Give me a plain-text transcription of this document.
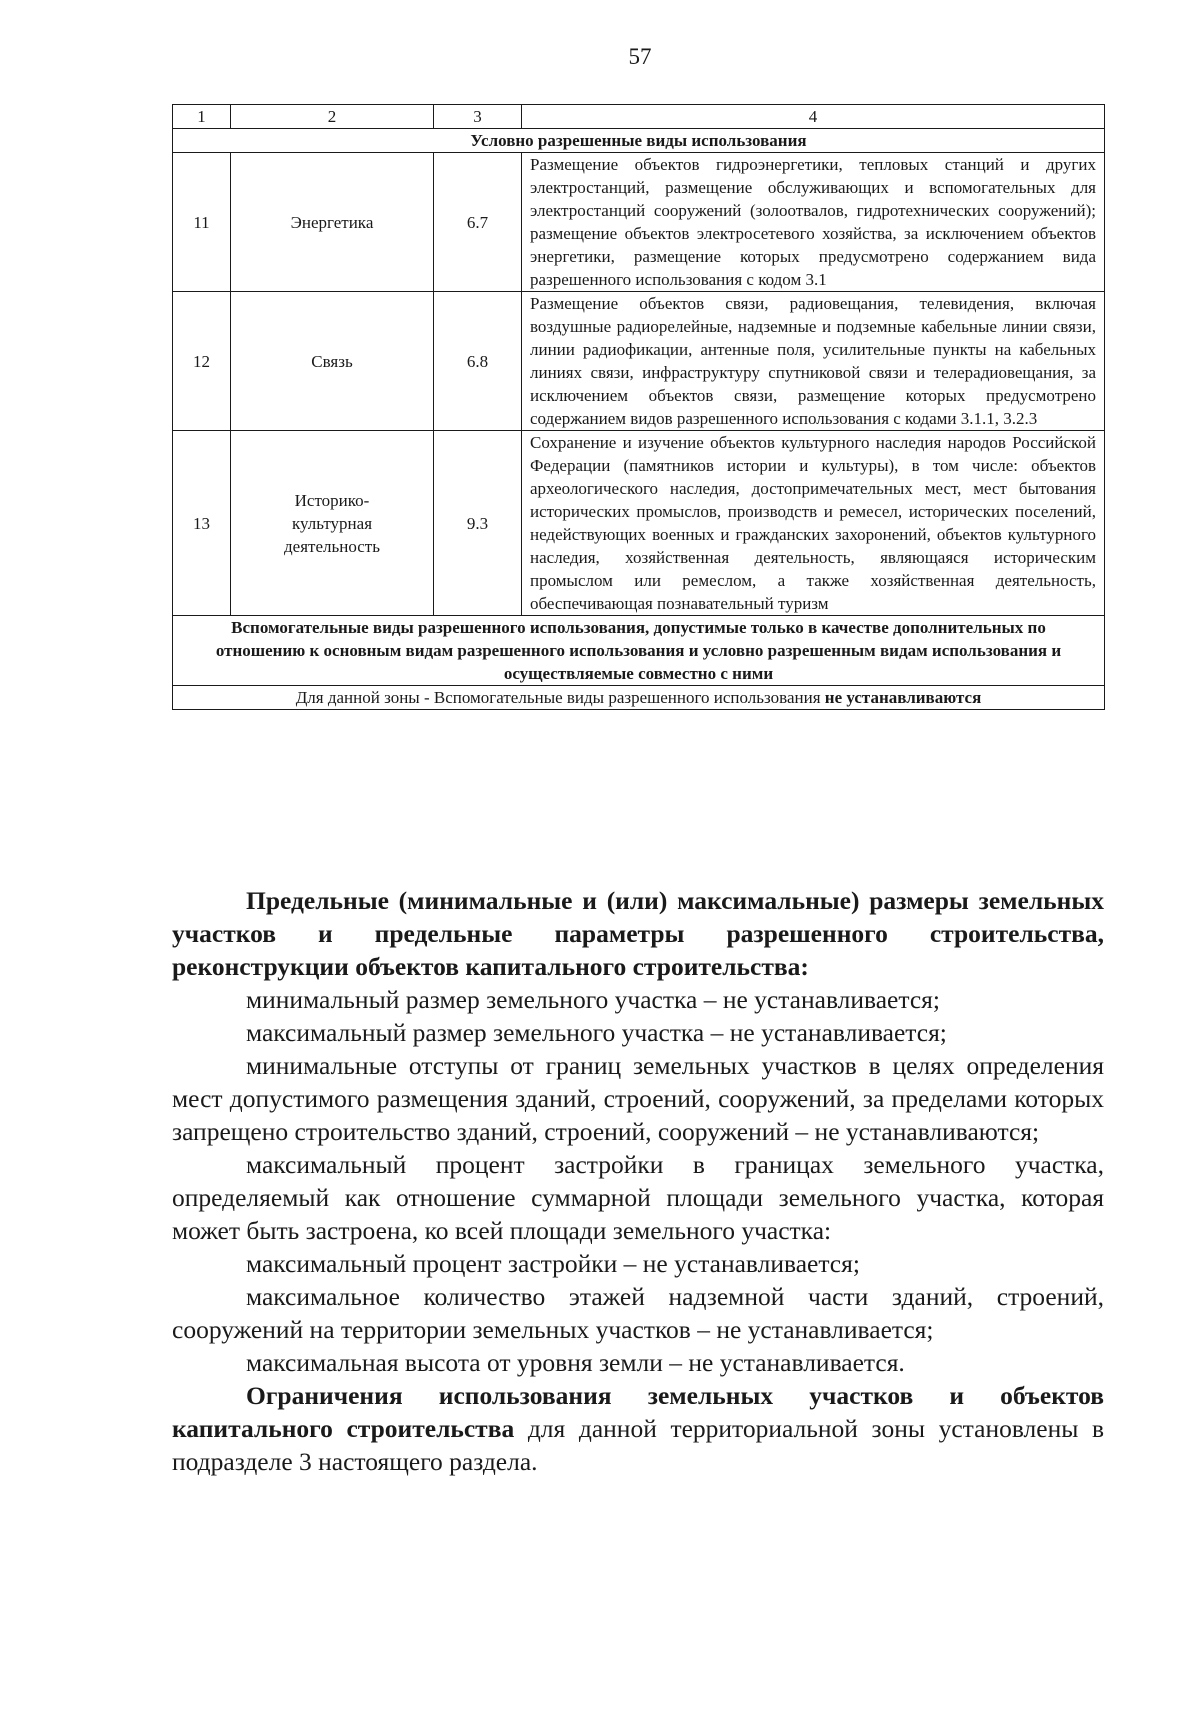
57
1	2	3	4
Условно разрешенные виды использования			
11	Энергетика	6.7	Размещение объектов гидроэнергетики, тепловых станций и других электростанций, размещение обслуживающих и вспомогательных для электростанций сооружений (золоотвалов, гидротехнических сооружений); размещение объектов электросетевого хозяйства, за исключением объектов энергетики, размещение которых предусмотрено содержанием вида разрешенного использования с кодом 3.1
12	Связь	6.8	Размещение объектов связи, радиовещания, телевидения, включая воздушные радиорелейные, надземные и подземные кабельные линии связи, линии радиофикации, антенные поля, усилительные пункты на кабельных линиях связи, инфраструктуру спутниковой связи и телерадиовещания, за исключением объектов связи, размещение которых предусмотрено содержанием видов разрешенного использования с кодами 3.1.1, 3.2.3
13	Историко-культурная деятельность	9.3	Сохранение и изучение объектов культурного наследия народов Российской Федерации (памятников истории и культуры), в том числе: объектов археологического наследия, достопримечательных мест, мест бытования исторических промыслов, производств и ремесел, исторических поселений, недействующих военных и гражданских захоронений, объектов культурного наследия, хозяйственная деятельность, являющаяся историческим промыслом или ремеслом, а также хозяйственная деятельность, обеспечивающая познавательный туризм
Вспомогательные виды разрешенного использования, допустимые только в качестве дополнительных по отношению к основным видам разрешенного использования и условно разрешенным видам использования и осуществляемые совместно с ними			
Для данной зоны - Вспомогательные виды разрешенного использования не устанавливаются			

Предельные (минимальные и (или) максимальные) размеры земельных участков и предельные параметры разрешенного строительства, реконструкции объектов капитального строительства:

минимальный размер земельного участка – не устанавливается;

максимальный размер земельного участка – не устанавливается;

минимальные отступы от границ земельных участков в целях определения мест допустимого размещения зданий, строений, сооружений, за пределами которых запрещено строительство зданий, строений, сооружений – не устанавливаются;

максимальный процент застройки в границах земельного участка, определяемый как отношение суммарной площади земельного участка, которая может быть застроена, ко всей площади земельного участка:

максимальный процент застройки – не устанавливается;

максимальное количество этажей надземной части зданий, строений, сооружений на территории земельных участков – не устанавливается;

максимальная высота от уровня земли – не устанавливается.

Ограничения использования земельных участков и объектов капитального строительства для данной территориальной зоны установлены в подразделе 3 настоящего раздела.
